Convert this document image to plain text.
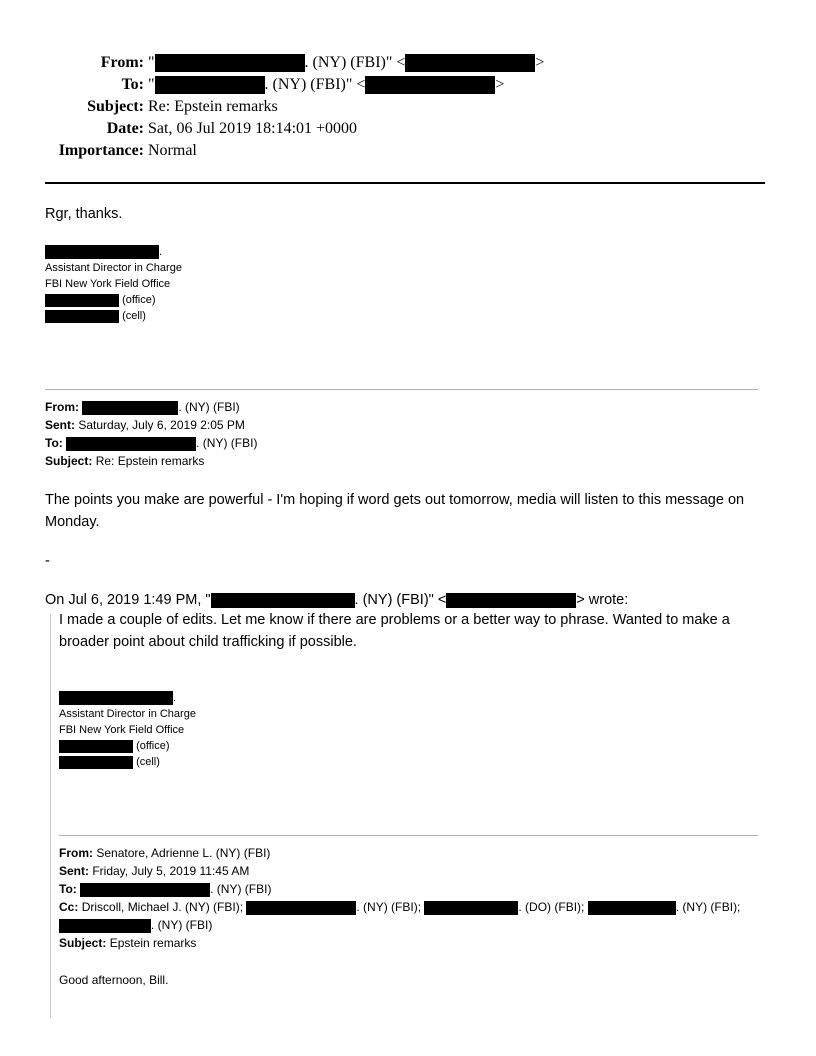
From: "	. (NY) (FBI)" <	>
To: "	. (NY) (FBI)" <	>
Subject: Re: Epstein remarks
Date: Sat, 06 Jul 2019 18:14:01 +0000
Importance: Normal
Rgr, thanks.
.
Assistant Director in Charge
FBI New York Field Office
(office)
(cell)
From:	. (NY) (FBI)
Sent: Saturday, July 6, 2019 2:05 PM
To:	. (NY) (FBI)
Subject: Re: Epstein remarks
The points you make are powerful - I'm hoping if word gets out tomorrow, media will listen to this message on
Monday.
-
On Jul 6, 2019 1:49 PM, "	. (NY) (FBI)" <	> wrote:
I made a couple of edits. Let me know if there are problems or a better way to phrase. Wanted to make a
broader point about child trafficking if possible.
.
Assistant Director in Charge
FBI New York Field Office
(office)
(cell)
From: Senatore, Adrienne L. (NY) (FBI)
Sent: Friday, July 5, 2019 11:45 AM
To:	. (NY) (FBI)
Cc: Driscoll, Michael J. (NY) (FBI);	. (NY) (FBI);	. (DO) (FBI);	. (NY) (FBI);
. (NY) (FBI)
Subject: Epstein remarks
Good afternoon, Bill.
